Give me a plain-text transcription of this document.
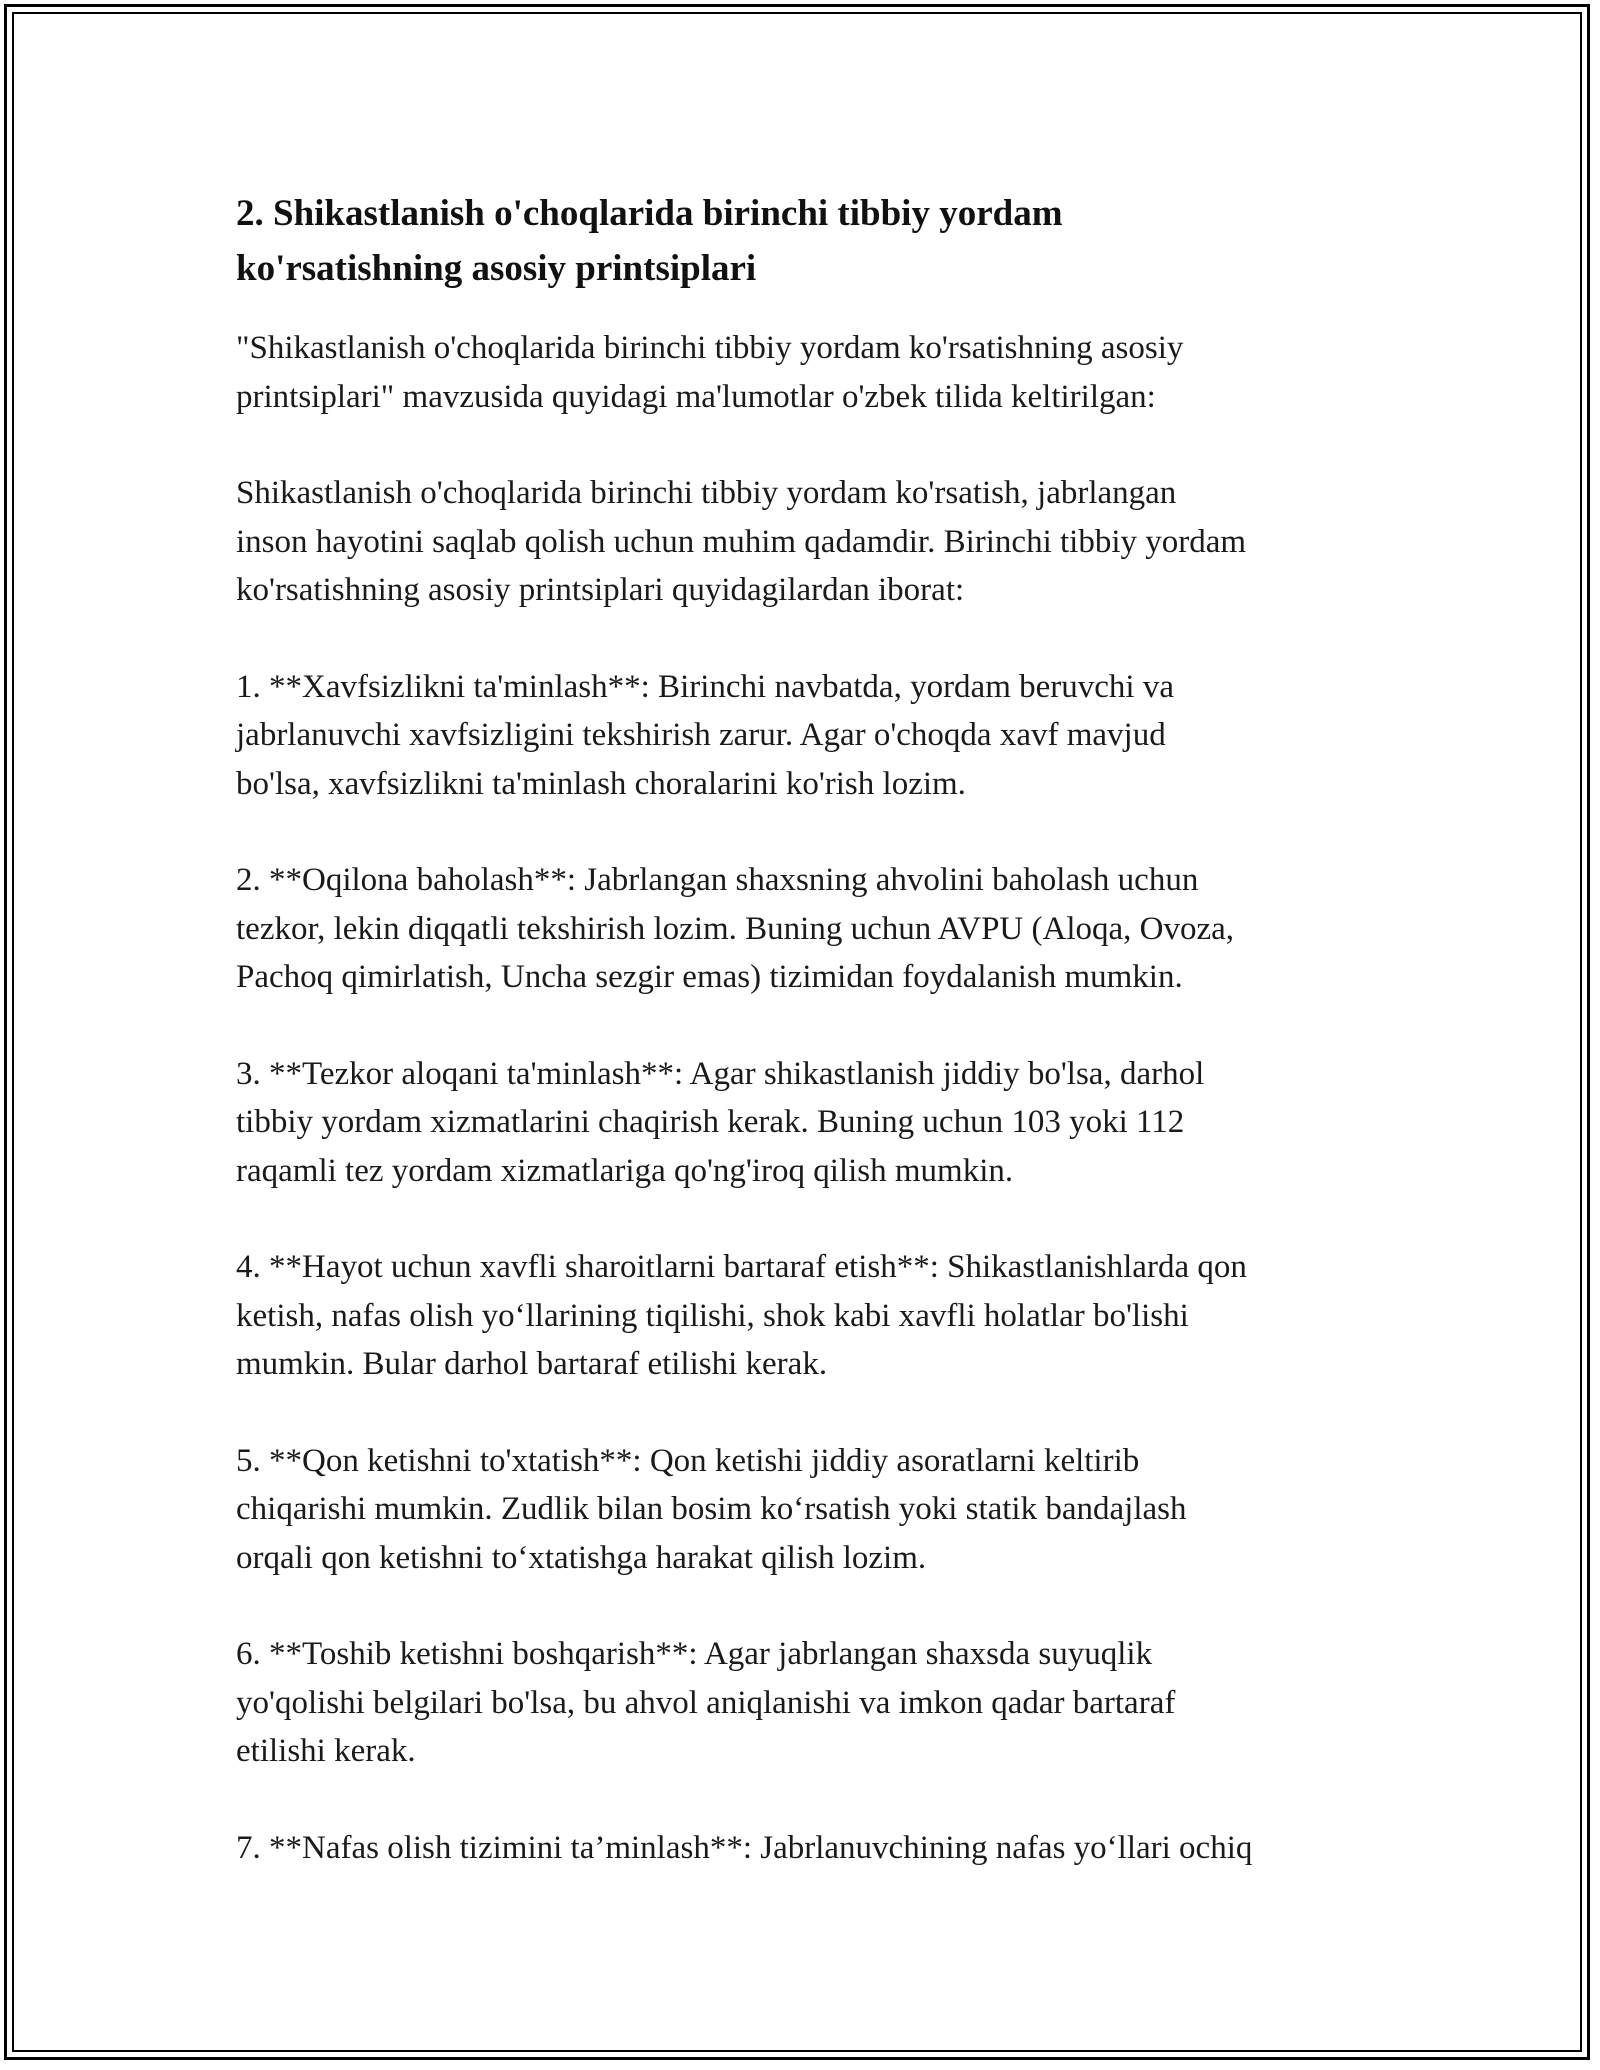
2. Shikastlanish o'choqlarida birinchi tibbiy yordam
ko'rsatishning asosiy printsiplari
"Shikastlanish o'choqlarida birinchi tibbiy yordam ko'rsatishning asosiy
printsiplari" mavzusida quyidagi ma'lumotlar o'zbek tilida keltirilgan:
Shikastlanish o'choqlarida birinchi tibbiy yordam ko'rsatish, jabrlangan
inson hayotini saqlab qolish uchun muhim qadamdir. Birinchi tibbiy yordam
ko'rsatishning asosiy printsiplari quyidagilardan iborat:
1. **Xavfsizlikni ta'minlash**: Birinchi navbatda, yordam beruvchi va
jabrlanuvchi xavfsizligini tekshirish zarur. Agar o'choqda xavf mavjud
bo'lsa, xavfsizlikni ta'minlash choralarini ko'rish lozim.
2. **Oqilona baholash**: Jabrlangan shaxsning ahvolini baholash uchun
tezkor, lekin diqqatli tekshirish lozim. Buning uchun AVPU (Aloqa, Ovoza,
Pachoq qimirlatish, Uncha sezgir emas) tizimidan foydalanish mumkin.
3. **Tezkor aloqani ta'minlash**: Agar shikastlanish jiddiy bo'lsa, darhol
tibbiy yordam xizmatlarini chaqirish kerak. Buning uchun 103 yoki 112
raqamli tez yordam xizmatlariga qo'ng'iroq qilish mumkin.
4. **Hayot uchun xavfli sharoitlarni bartaraf etish**: Shikastlanishlarda qon
ketish, nafas olish yo‘llarining tiqilishi, shok kabi xavfli holatlar bo'lishi
mumkin. Bular darhol bartaraf etilishi kerak.
5. **Qon ketishni to'xtatish**: Qon ketishi jiddiy asoratlarni keltirib
chiqarishi mumkin. Zudlik bilan bosim ko‘rsatish yoki statik bandajlash
orqali qon ketishni to‘xtatishga harakat qilish lozim.
6. **Toshib ketishni boshqarish**: Agar jabrlangan shaxsda suyuqlik
yo'qolishi belgilari bo'lsa, bu ahvol aniqlanishi va imkon qadar bartaraf
etilishi kerak.
7. **Nafas olish tizimini ta’minlash**: Jabrlanuvchining nafas yo‘llari ochiq
